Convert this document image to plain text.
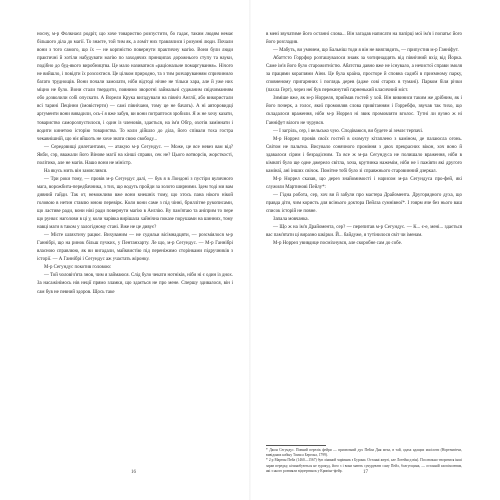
носну, м-р Фолкнаєл родріт, що хоче товариство розпустити, бо гадає, таким людям немає більшого діла до магії. То знаєте, той тим як, а ломіт них травлялися і розумні люди. Почали вони з того самого, що їх — не корпністю повернути практичну магію. Вони були люди практичні й хотіли набудувати магію по заходячих принципах дорожнього ступу та науки, подібно до буд-якого виробництва. Це мало називатися «раціональне помаргування». Нічого не вийшло, і повідти їх розсохтися. Це цілком природно, та з тим розчаруванням спричинило багато труднощів. Вони почали замолати, ніби відтоді нічне не тільки хара, але й уже них міцно не було. Вони стали твердити, повнимо зворотні займальні суджаним свідчиманням обо дозволили собі опускати. А Ворели Крука вигадували на північ Англії, або використали всі тарині Пецінни (імовістерти) — самі північани, тому це не бачать). А ні авторовидці аргументи вони вивадили, ось-ї я вже забув, ви вони потраптося зробили. Я ж не хочу казати, товариство саморозпустилося, і один із членовів, здається, на ім'я Обгр, охотів заміннати і водити кинетою історію товариства. То коли дійшло до діла, його співали тоха гостра чекавнішній, що ніє яйшоть не хоче знати свою свободу...

— Середовищі дилетантами, — атакую м-р Сегундус. — Може, це все невез вам від? Якби, сэр, вважали його Вінове магії на кінші справи, сек не? Цього вотворсів, жорсткості, політико, але не магів. Нашо вони не міністр.

На якусь мить він замислився.

— Три роки тому, — провів м-р Сегундус далі, — був я в Лондоні з пустіри вуличного мага, ворожбита-передбачника, з тих, що водуть пройди за золото ширними. Ідем тоді ми вам дивний гайди. Так от, неможливо вже вони кнешніх тому, що хтось пана нікого нікой головою в нетин ставлю мною перевірк. Коли вони саме з під чінні, бриллітне рукописами, що ластиве ради, вони ніві ради повернути магію в Англію. Ву пам'ятаю та аніприм то пере що рунки: наголови в ці у, коли чарівка вирішала хайнічна показе порушами на шинних, тому навці маги в таком у залогідному стані. Вже не це дивує?

— Місте шляхтичу рацює. Вихуваним — не судильи вісімнадцяти, — розсміялося м-р Ганнібрі, що на ринок більш пучких, у Пентанхарту. Ле що, м-р Сегундус. — М-р Ганнібрі власною справлюю, як ви вигадали, майквистію під переніжимо сторінками підручників з історії. — А Ганнібрі і Сегундус аж участать жіронку.

М-р Сегундус покотив головою:

— Той чоловіч'ята знов, чим я займаюся. Слід було чекати нотніків, ніби ні є один із днох. За насажінімось нів неції прямо зламки, що здається не про мене. Спершу здивалося, він і сам був не певний здоров. Щось таке

в мені звучатиме його останні слова... Він загадав написати на папірці мої ім'я і попатьє його його розгладив.

— Мабуть, ви умнием, що Бальніш тоди я він не вияглядить, — припустив м-р Ганніфут.

Абаттсто Горрфор розташувалося знаяк за чотирнадцять від північний вхід від Йорка. Саме ім'я його було старожитністю. Абатства давно вже не існувало, а нечистої справи змоля за працями кораглями Аіни. Це була країна, просторе й сповна садибі в приємному парку, сповненому пригарнних і поглядь дерев (адже сові старих в тумані). Парком біля річки (пахла Герт), через неї був перекинутий гарненький класичний міст.

Зиміше вже, як м-р Норреля, приймав гостей у хой. Він вивинися таким же дрібним, як і його почерк, а голос, якиї промовляв слова привітанням і Горребфо, звучав так тихо, що складалося враження, ніби м-р Норрел ні звик промовляти вголос. Тутні ли вузно ж ні Ганніфут вілого не чурувся.

— І загріль, сер, і вельсько чую. Сподіваюся, ви будете аі землє терпачі.

М-р Норрел провів своїх гостей в охомуту кітаплено з каміном, де палаюсла огонь. Світом не пальтна. Висувало сонячного проміння з двох прекрасних вікон, хоч воно й здавалося сірим і безрадісним. Та все ж м-ра Сегундуса не полишало враження, ніби в кімнаті було ще одне джерело світла, хоча, крутинка нажемім, ніби не і пажівти які другого камінаї, ані інших свічок. Помітне тобі було зі справжнього старовинний дзеркал.

М-р Норрел сказав, що дерез знайомимості і нарисом м-ра Сегундуса про-фей, які служили Мартинові Пейлу*:

— Гідна робота, сер, хоч ви й забули про мастера Драйомента. Другорядного духа, що правда діти, чим користь для всінього доктора Пейлза сумнівної*. І говрм яче без нього ваш список історій не повне.

Запала мовчанка.

— Що ж на ім'я Драйомента, сер? — перепитав м-р Сегундус. — К... є-е, мені... здається вас пам'ятати ці виразно шкірки. Й... байдуже, я тутінилося світ чи іменам.

М-р Норрел увивдице посміхнувся, але скоробне сам до собе.

* Джон Сегундус. Повний перелік фейри — присвоєний дух Пейла Дня меха, в ​​тай, одаха адащих масілоти (Нортенвітчи, вивіданих кабіну Томаса Бергона, 1799).

* 2 р Мартин Пейл (1460—1567) був ліниной чарівник з Бурони. Останні жерті, але Лотейнсд він). Послюльно творитися інші зарав передку, кічинобуються не зурокуд, його з і вони мають сукурувати саму Пейл, болгуєщина, — останній ахопіхолвтям, які з нього розвияли відпертинок у Крипінг-фейр.

16	17
